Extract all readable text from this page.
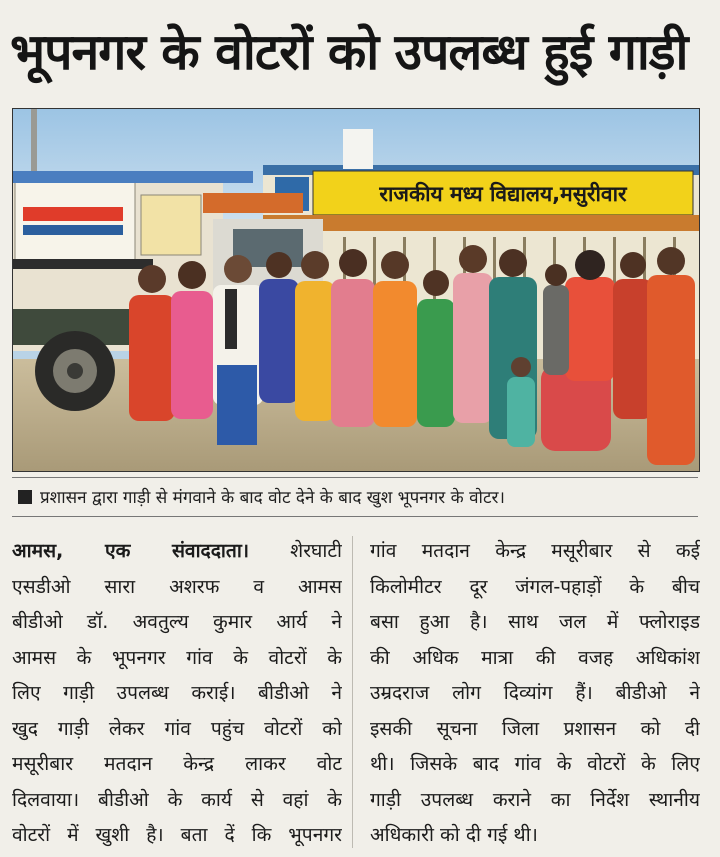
भूपनगर के वोटरों को उपलब्ध हुई गाड़ी
राजकीय मध्य विद्यालय,मसुरीवार
प्रशासन द्वारा गाड़ी से मंगवाने के बाद वोट देने के बाद खुश भूपनगर के वोटर।
आमस, एक संवाददाता। शेरघाटी
एसडीओ सारा अशरफ व आमस
बीडीओ डॉ. अवतुल्य कुमार आर्य ने
आमस के भूपनगर गांव के वोटरों के
लिए गाड़ी उपलब्ध कराई। बीडीओ ने
खुद गाड़ी लेकर गांव पहुंच वोटरों को
मसूरीबार मतदान केन्द्र लाकर वोट
दिलवाया। बीडीओ के कार्य से वहां के
वोटरों में खुशी है। बता दें कि भूपनगर
गांव मतदान केन्द्र मसूरीबार से कई
किलोमीटर दूर जंगल-पहाड़ों के बीच
बसा हुआ है। साथ जल में फ्लोराइड
की अधिक मात्रा की वजह अधिकांश
उम्रदराज लोग दिव्यांग हैं। बीडीओ ने
इसकी सूचना जिला प्रशासन को दी
थी। जिसके बाद गांव के वोटरों के लिए
गाड़ी उपलब्ध कराने का निर्देश स्थानीय
अधिकारी को दी गई थी।
